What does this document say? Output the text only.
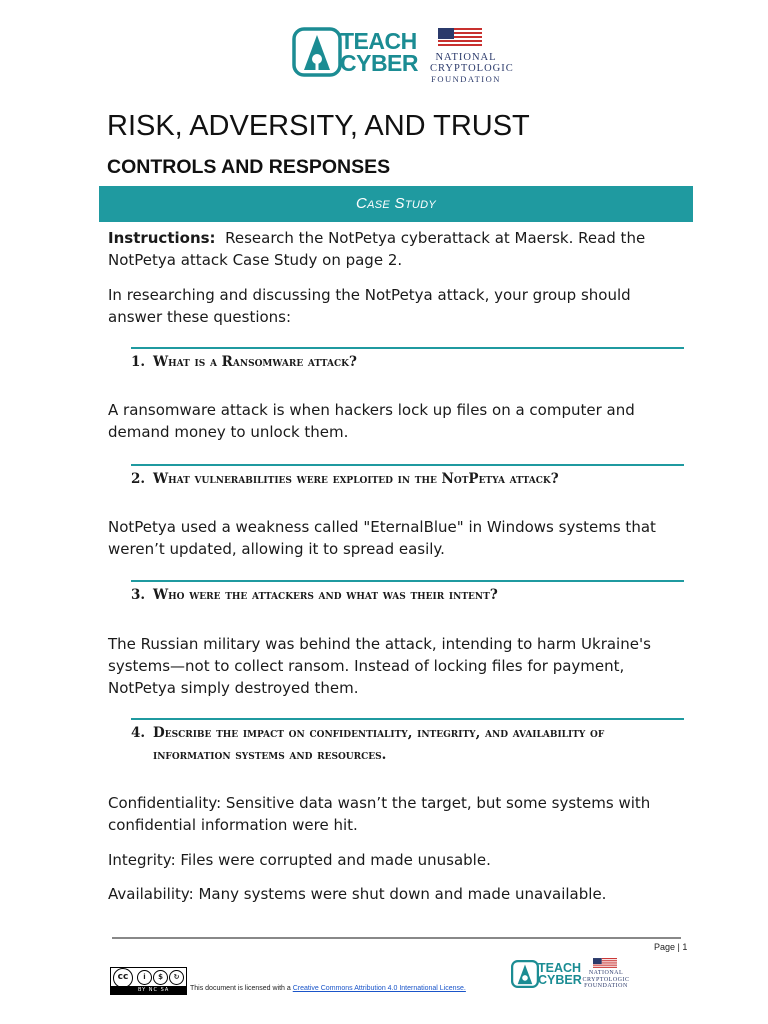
TEACH
CYBER	NATIONAL
CRYPTOLOGIC
FOUNDATION
RISK, ADVERSITY, AND TRUST
CONTROLS AND RESPONSES
Case Study
Instructions: Research the NotPetya cyberattack at Maersk. Read the NotPetya attack Case Study on page 2.
In researching and discussing the NotPetya attack, your group should answer these questions:
1. What is a Ransomware attack?
A ransomware attack is when hackers lock up files on a computer and demand money to unlock them.
2. What vulnerabilities were exploited in the NotPetya attack?
NotPetya used a weakness called "EternalBlue" in Windows systems that weren’t updated, allowing it to spread easily.
3. Who were the attackers and what was their intent?
The Russian military was behind the attack, intending to harm Ukraine's systems—not to collect ransom. Instead of locking files for payment, NotPetya simply destroyed them.
4. Describe the impact on confidentiality, integrity, and availability of information systems and resources.
Confidentiality: Sensitive data wasn’t the target, but some systems with confidential information were hit.
Integrity: Files were corrupted and made unusable.
Availability: Many systems were shut down and made unavailable.
Page | 1
cc	i	$	↻
BY NC SA	This document is licensed with a Creative Commons Attribution 4.0 International License.
TEACH
CYBER	NATIONAL
CRYPTOLOGIC
FOUNDATION
